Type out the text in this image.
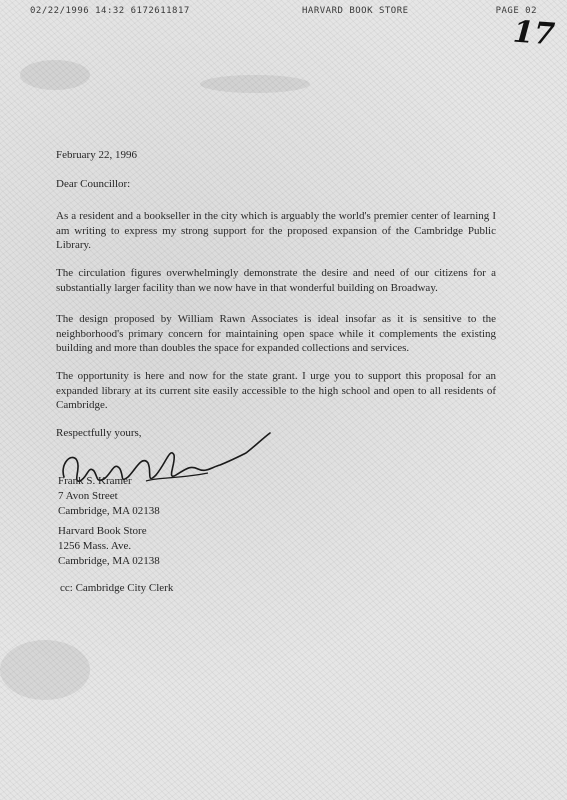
02/22/1996 14:32 6172611817	HARVARD BOOK STORE	PAGE 02
17
February 22, 1996
Dear Councillor:

As a resident and a bookseller in the city which is arguably the world's premier center of learning I am writing to express my strong support for the proposed expansion of the Cambridge Public Library.

The circulation figures overwhelmingly demonstrate the desire and need of our citizens for a substantially larger facility than we now have in that wonderful building on Broadway.

The design proposed by William Rawn Associates is ideal insofar as it is sensitive to the neighborhood's primary concern for maintaining open space while it complements the existing building and more than doubles the space for expanded collections and services.

The opportunity is here and now for the state grant. I urge you to support this proposal for an expanded library at its current site easily accessible to the high school and open to all residents of Cambridge.

Respectfully yours,
Frank S. Kramer
7 Avon Street
Cambridge, MA 02138
Harvard Book Store
1256 Mass. Ave.
Cambridge, MA 02138
cc: Cambridge City Clerk
